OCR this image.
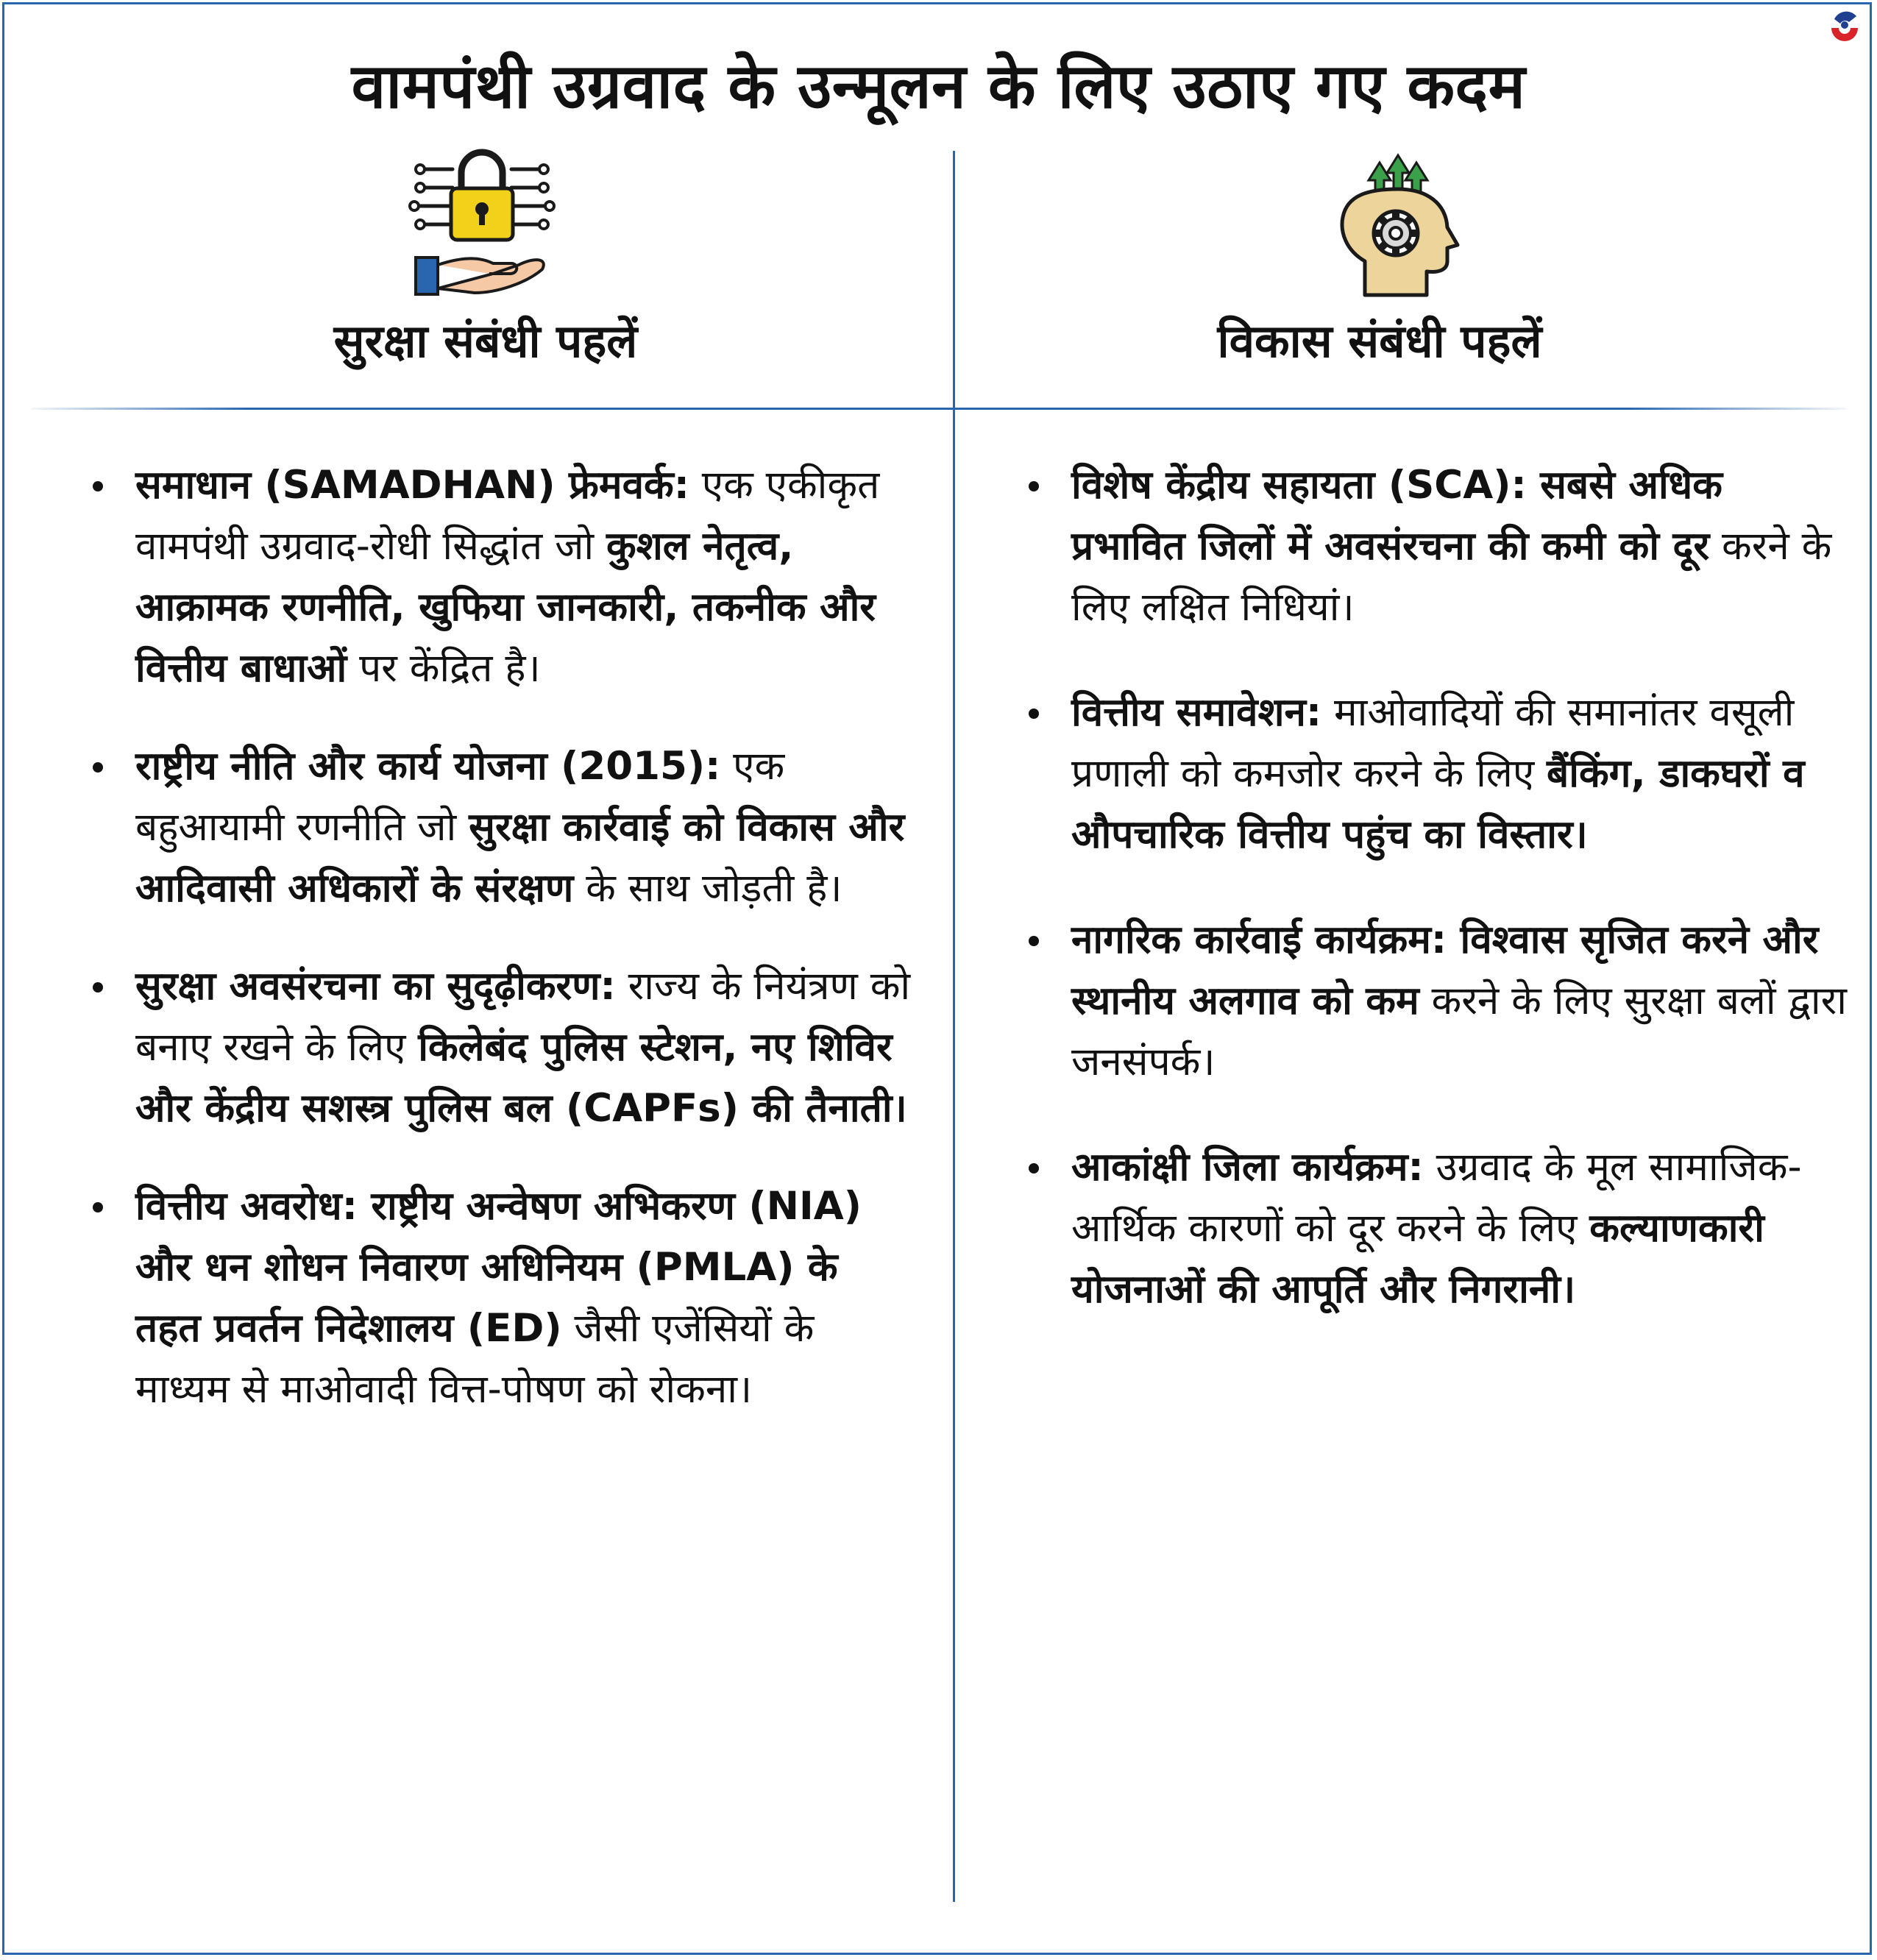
वामपंथी उग्रवाद के उन्मूलन के लिए उठाए गए कदम
सुरक्षा संबंधी पहलें	विकास संबंधी पहलें
समाधान (SAMADHAN) फ्रेमवर्क: एक एकीकृत वामपंथी उग्रवाद-रोधी सिद्धांत जो कुशल नेतृत्व, आक्रामक रणनीति, खुफिया जानकारी, तकनीक और वित्तीय बाधाओं पर केंद्रित है।
राष्ट्रीय नीति और कार्य योजना (2015): एक बहुआयामी रणनीति जो सुरक्षा कार्रवाई को विकास और आदिवासी अधिकारों के संरक्षण के साथ जोड़ती है।
सुरक्षा अवसंरचना का सुदृढ़ीकरण: राज्य के नियंत्रण को बनाए रखने के लिए किलेबंद पुलिस स्टेशन, नए शिविर और केंद्रीय सशस्त्र पुलिस बल (CAPFs) की तैनाती।
वित्तीय अवरोध: राष्ट्रीय अन्वेषण अभिकरण (NIA) और धन शोधन निवारण अधिनियम (PMLA) के तहत प्रवर्तन निदेशालय (ED) जैसी एजेंसियों के माध्यम से माओवादी वित्त-पोषण को रोकना।
विशेष केंद्रीय सहायता (SCA): सबसे अधिक प्रभावित जिलों में अवसंरचना की कमी को दूर करने के लिए लक्षित निधियां।
वित्तीय समावेशन: माओवादियों की समानांतर वसूली प्रणाली को कमजोर करने के लिए बैंकिंग, डाकघरों व औपचारिक वित्तीय पहुंच का विस्तार।
नागरिक कार्रवाई कार्यक्रम: विश्वास सृजित करने और स्थानीय अलगाव को कम करने के लिए सुरक्षा बलों द्वारा जनसंपर्क।
आकांक्षी जिला कार्यक्रम: उग्रवाद के मूल सामाजिक-आर्थिक कारणों को दूर करने के लिए कल्याणकारी योजनाओं की आपूर्ति और निगरानी।
